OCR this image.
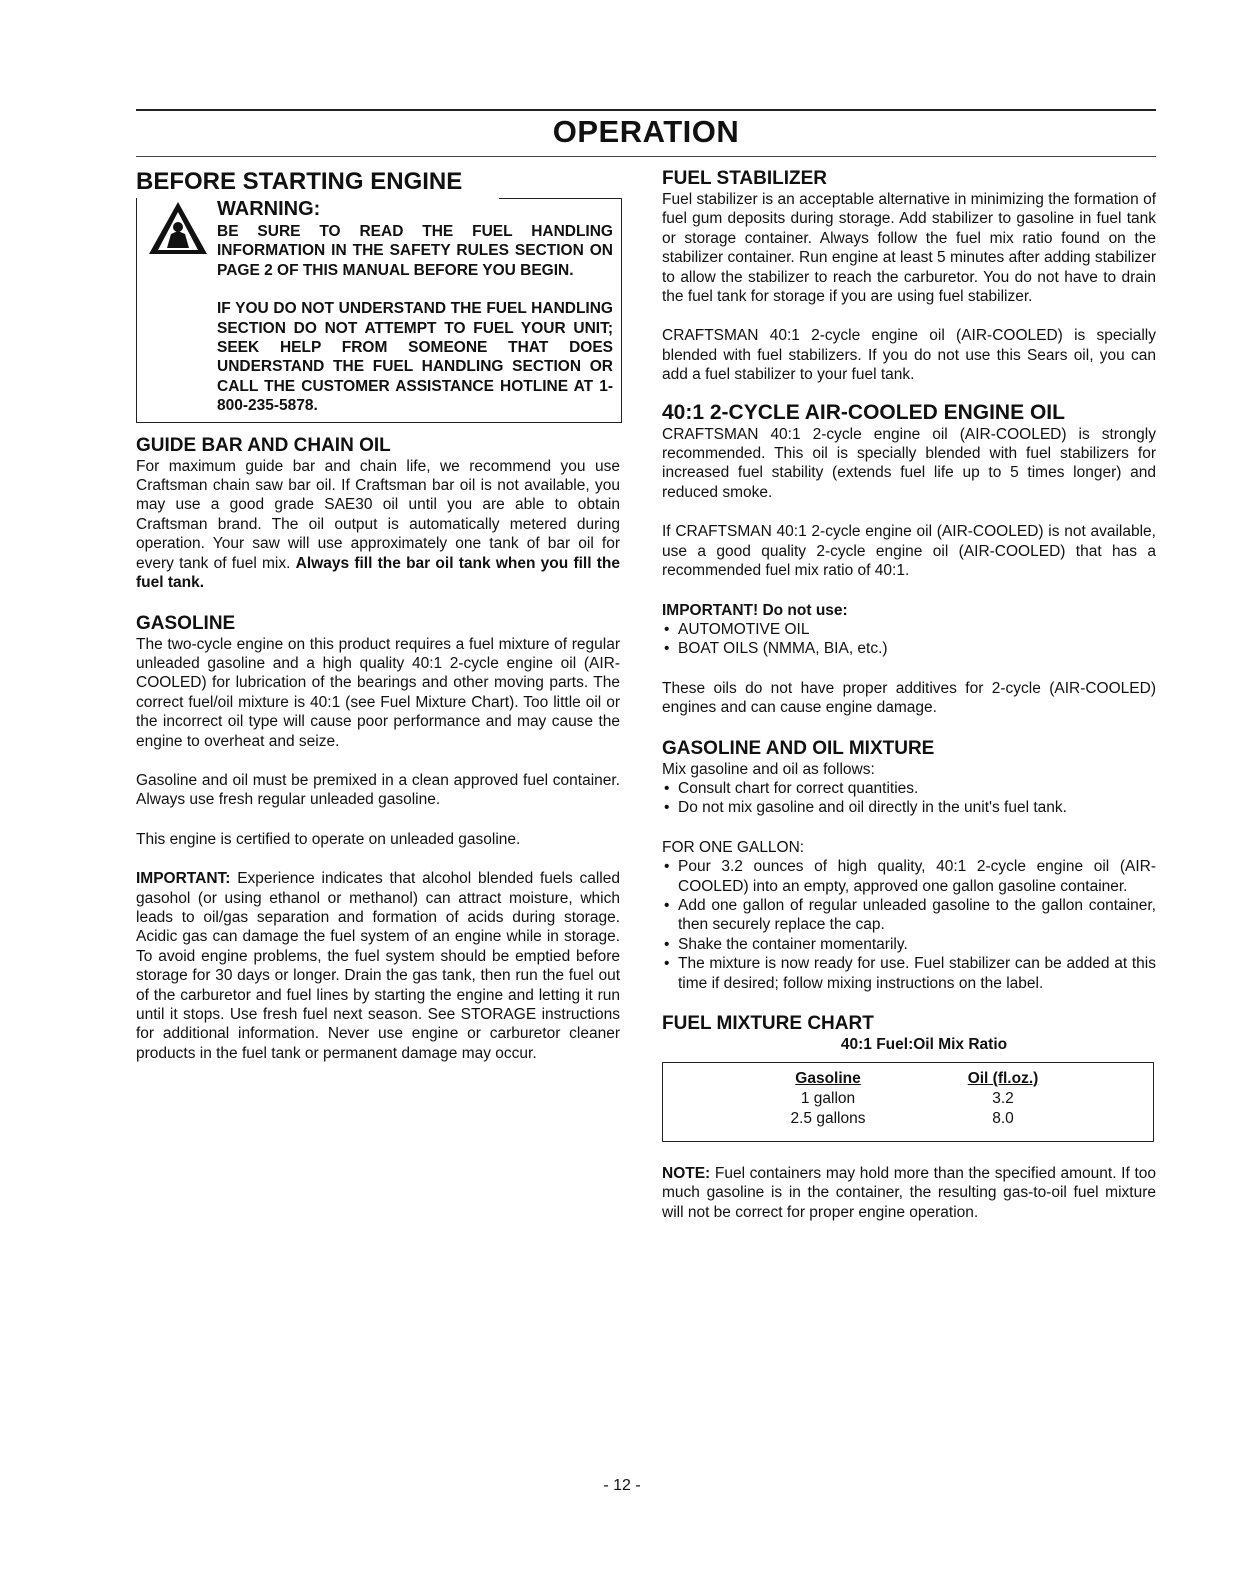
OPERATION
BEFORE STARTING ENGINE
WARNING:
BE SURE TO READ THE FUEL HANDLING INFORMATION IN THE SAFETY RULES SECTION ON PAGE 2 OF THIS MANUAL BEFORE YOU BEGIN.
IF YOU DO NOT UNDERSTAND THE FUEL HANDLING SECTION DO NOT ATTEMPT TO FUEL YOUR UNIT; SEEK HELP FROM SOMEONE THAT DOES UNDERSTAND THE FUEL HANDLING SECTION OR CALL THE CUSTOMER ASSISTANCE HOTLINE AT 1-800-235-5878.
GUIDE BAR AND CHAIN OIL

For maximum guide bar and chain life, we recommend you use Craftsman chain saw bar oil. If Craftsman bar oil is not available, you may use a good grade SAE30 oil until you are able to obtain Craftsman brand. The oil output is automatically metered during operation. Your saw will use approximately one tank of bar oil for every tank of fuel mix. Always fill the bar oil tank when you fill the fuel tank.

GASOLINE

The two-cycle engine on this product requires a fuel mixture of regular unleaded gasoline and a high quality 40:1 2-cycle engine oil (AIR-COOLED) for lubrication of the bearings and other moving parts. The correct fuel/oil mixture is 40:1 (see Fuel Mixture Chart). Too little oil or the incorrect oil type will cause poor performance and may cause the engine to overheat and seize.

Gasoline and oil must be premixed in a clean approved fuel container. Always use fresh regular unleaded gasoline.

This engine is certified to operate on unleaded gasoline.

IMPORTANT: Experience indicates that alcohol blended fuels called gasohol (or using ethanol or methanol) can attract moisture, which leads to oil/gas separation and formation of acids during storage. Acidic gas can damage the fuel system of an engine while in storage. To avoid engine problems, the fuel system should be emptied before storage for 30 days or longer. Drain the gas tank, then run the fuel out of the carburetor and fuel lines by starting the engine and letting it run until it stops. Use fresh fuel next season. See STORAGE instructions for additional information. Never use engine or carburetor cleaner products in the fuel tank or permanent damage may occur.

FUEL STABILIZER

Fuel stabilizer is an acceptable alternative in minimizing the formation of fuel gum deposits during storage. Add stabilizer to gasoline in fuel tank or storage container. Always follow the fuel mix ratio found on the stabilizer container. Run engine at least 5 minutes after adding stabilizer to allow the stabilizer to reach the carburetor. You do not have to drain the fuel tank for storage if you are using fuel stabilizer.

CRAFTSMAN 40:1 2-cycle engine oil (AIR-COOLED) is specially blended with fuel stabilizers. If you do not use this Sears oil, you can add a fuel stabilizer to your fuel tank.

40:1 2-CYCLE AIR-COOLED ENGINE OIL

CRAFTSMAN 40:1 2-cycle engine oil (AIR-COOLED) is strongly recommended. This oil is specially blended with fuel stabilizers for increased fuel stability (extends fuel life up to 5 times longer) and reduced smoke.

If CRAFTSMAN 40:1 2-cycle engine oil (AIR-COOLED) is not available, use a good quality 2-cycle engine oil (AIR-COOLED) that has a recommended fuel mix ratio of 40:1.

IMPORTANT! Do not use:
• AUTOMOTIVE OIL
• BOAT OILS (NMMA, BIA, etc.)

These oils do not have proper additives for 2-cycle (AIR-COOLED) engines and can cause engine damage.

GASOLINE AND OIL MIXTURE

Mix gasoline and oil as follows:

• Consult chart for correct quantities.
• Do not mix gasoline and oil directly in the unit's fuel tank.

FOR ONE GALLON:

• Pour 3.2 ounces of high quality, 40:1 2-cycle engine oil (AIR-COOLED) into an empty, approved one gallon gasoline container.
• Add one gallon of regular unleaded gasoline to the gallon container, then securely replace the cap.
• Shake the container momentarily.
• The mixture is now ready for use. Fuel stabilizer can be added at this time if desired; follow mixing instructions on the label.
FUEL MIXTURE CHART
40:1 Fuel:Oil Mix Ratio
Gasoline
1 gallon
2.5 gallons
Oil (fl.oz.)
3.2
8.0

NOTE: Fuel containers may hold more than the specified amount. If too much gasoline is in the container, the resulting gas-to-oil fuel mixture will not be correct for proper engine operation.

- 12 -
